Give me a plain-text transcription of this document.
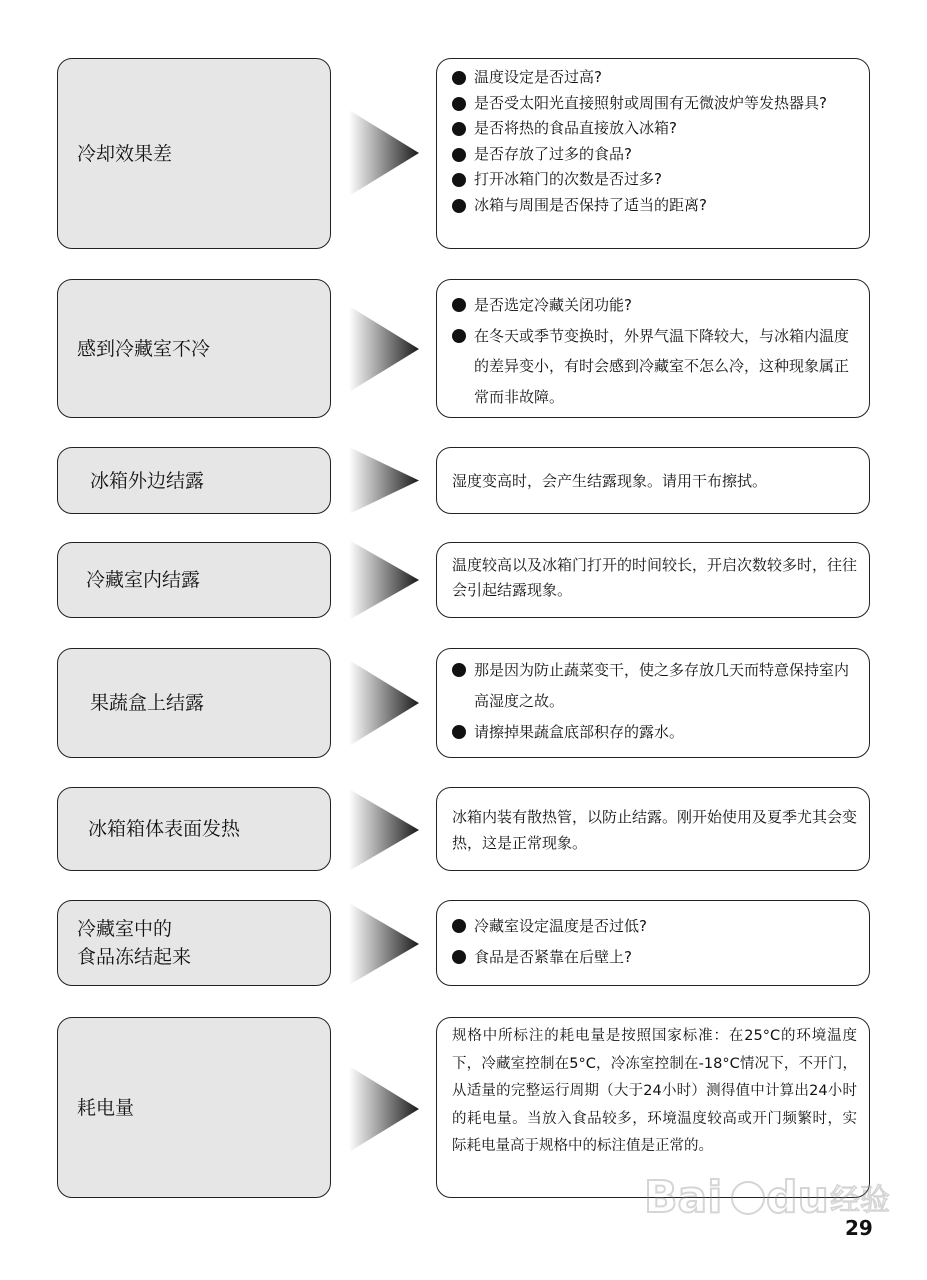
冷却效果差
温度设定是否过高?
是否受太阳光直接照射或周围有无微波炉等发热器具?
是否将热的食品直接放入冰箱?
是否存放了过多的食品?
打开冰箱门的次数是否过多?
冰箱与周围是否保持了适当的距离?
感到冷藏室不冷
是否选定冷藏关闭功能?
在冬天或季节变换时，外界气温下降较大，与冰箱内温度的差异变小，有时会感到冷藏室不怎么冷，这种现象属正常而非故障。
冰箱外边结露	湿度变高时，会产生结露现象。请用干布擦拭。

冷藏室内结露

温度较高以及冰箱门打开的时间较长，开启次数较多时，往往会引起结露现象。

果蔬盒上结露
那是因为防止蔬菜变干，使之多存放几天而特意保持室内高湿度之故。
请擦掉果蔬盒底部积存的露水。
冰箱箱体表面发热

冰箱内装有散热管，以防止结露。刚开始使用及夏季尤其会变热，这是正常现象。

冷藏室中的
食品冻结起来
冷藏室设定温度是否过低?
食品是否紧靠在后壁上?
耗电量

规格中所标注的耗电量是按照国家标准：在25°C的环境温度下，冷藏室控制在5°C，冷冻室控制在-18°C情况下，不开门，从适量的完整运行周期（大于24小时）测得值中计算出24小时的耗电量。当放入食品较多，环境温度较高或开门频繁时，实际耗电量高于规格中的标注值是正常的。

Bai du 经验
29
